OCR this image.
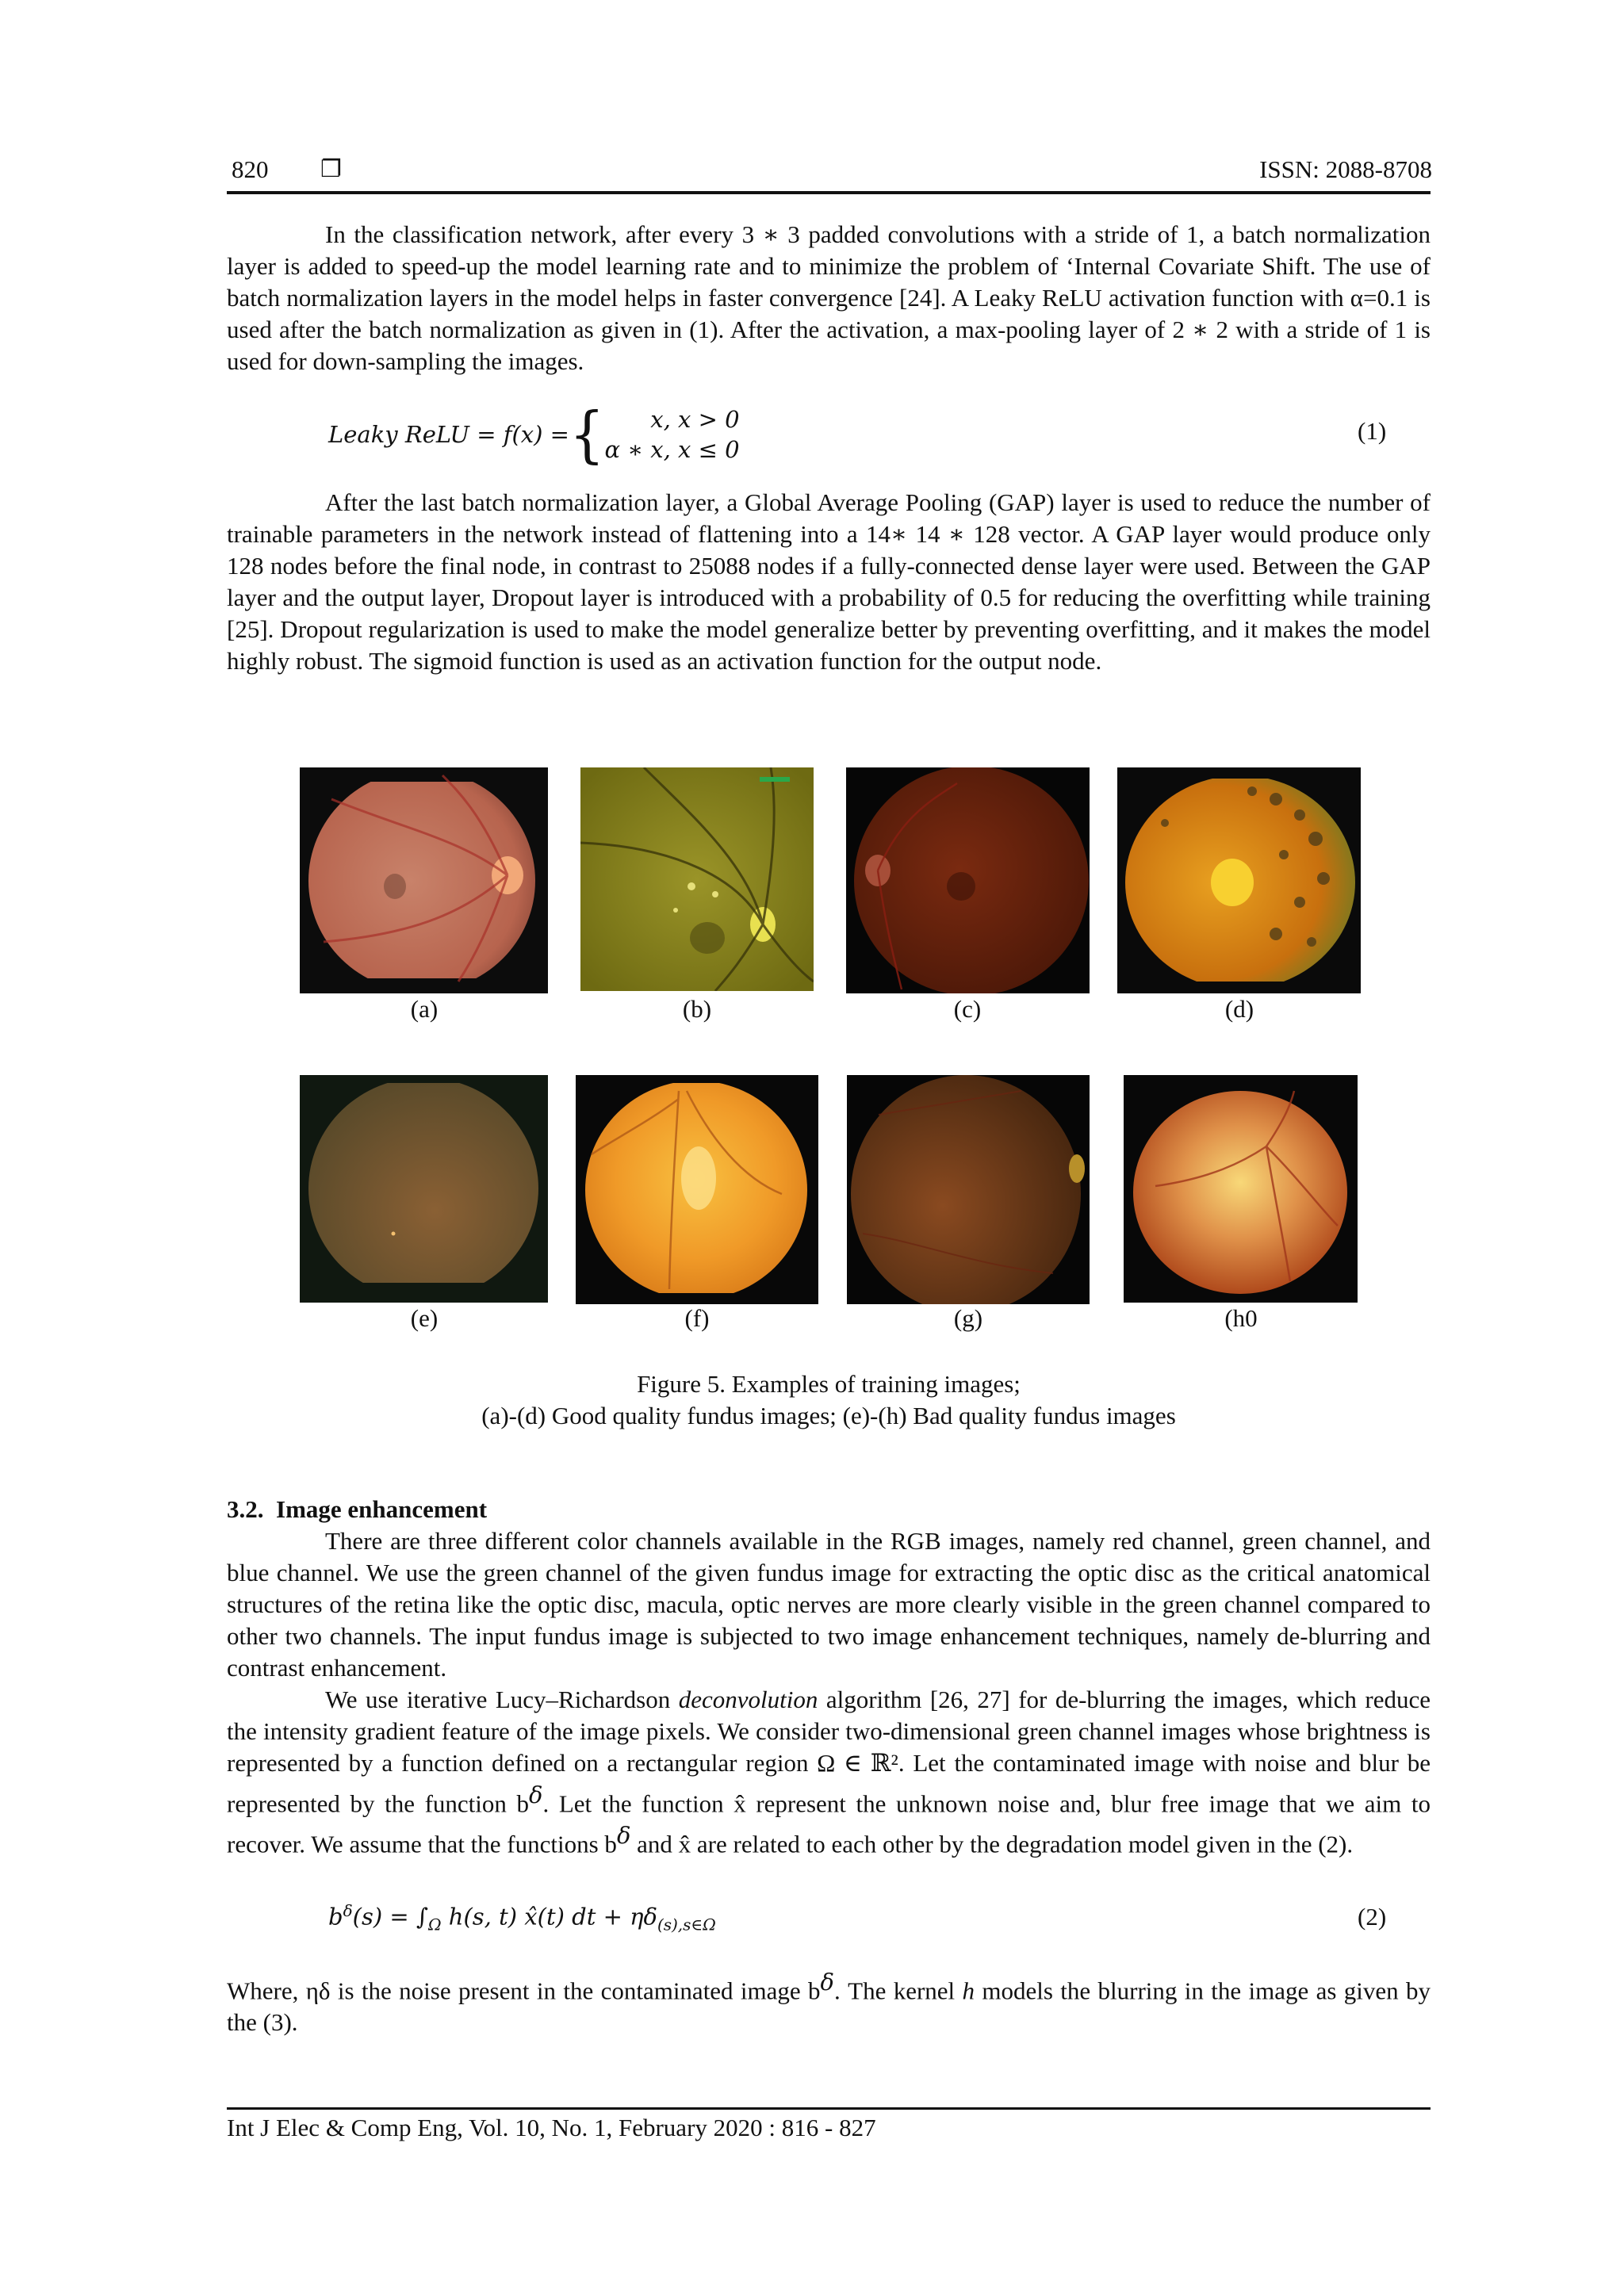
820 ❐	ISSN: 2088-8708

In the classification network, after every 3 ∗ 3 padded convolutions with a stride of 1, a batch normalization layer is added to speed-up the model learning rate and to minimize the problem of ‘Internal Covariate Shift. The use of batch normalization layers in the model helps in faster convergence [24]. A Leaky ReLU activation function with α=0.1 is used after the batch normalization as given in (1). After the activation, a max-pooling layer of 2 ∗ 2 with a stride of 1 is used for down-sampling the images.

Leaky ReLU = f(x) = {	x, x > 0
α ∗ x, x ≤ 0
(1)

After the last batch normalization layer, a Global Average Pooling (GAP) layer is used to reduce the number of trainable parameters in the network instead of flattening into a 14∗ 14 ∗ 128 vector. A GAP layer would produce only 128 nodes before the final node, in contrast to 25088 nodes if a fully-connected dense layer were used. Between the GAP layer and the output layer, Dropout layer is introduced with a probability of 0.5 for reducing the overfitting while training [25]. Dropout regularization is used to make the model generalize better by preventing overfitting, and it makes the model highly robust. The sigmoid function is used as an activation function for the output node.

(a)	(b)	(c)	(d)
(e)	(f)	(g)	(h0
Figure 5. Examples of training images;
(a)-(d) Good quality fundus images; (e)-(h) Bad quality fundus images
3.2. Image enhancement

There are three different color channels available in the RGB images, namely red channel, green channel, and blue channel. We use the green channel of the given fundus image for extracting the optic disc as the critical anatomical structures of the retina like the optic disc, macula, optic nerves are more clearly visible in the green channel compared to other two channels. The input fundus image is subjected to two image enhancement techniques, namely de-blurring and contrast enhancement.

We use iterative Lucy–Richardson deconvolution algorithm [26, 27] for de-blurring the images, which reduce the intensity gradient feature of the image pixels. We consider two-dimensional green channel images whose brightness is represented by a function defined on a rectangular region Ω ∈ ℝ². Let the contaminated image with noise and blur be represented by the function $b^\delta$. Let the function x̂ represent the unknown noise and, blur free image that we aim to recover. We assume that the functions $b^\delta$ and x̂ are related to each other by the degradation model given in the (2).

$b^\delta(s) = \int_\Omega$ h(s, t) x̂(t) dt + $\eta\delta_{(s),s\in\Omega}$	(2)

Where, ηδ is the noise present in the contaminated image $b^\delta$. The kernel h models the blurring in the image as given by the (3).

Int J Elec & Comp Eng, Vol. 10, No. 1, February 2020 : 816 - 827
